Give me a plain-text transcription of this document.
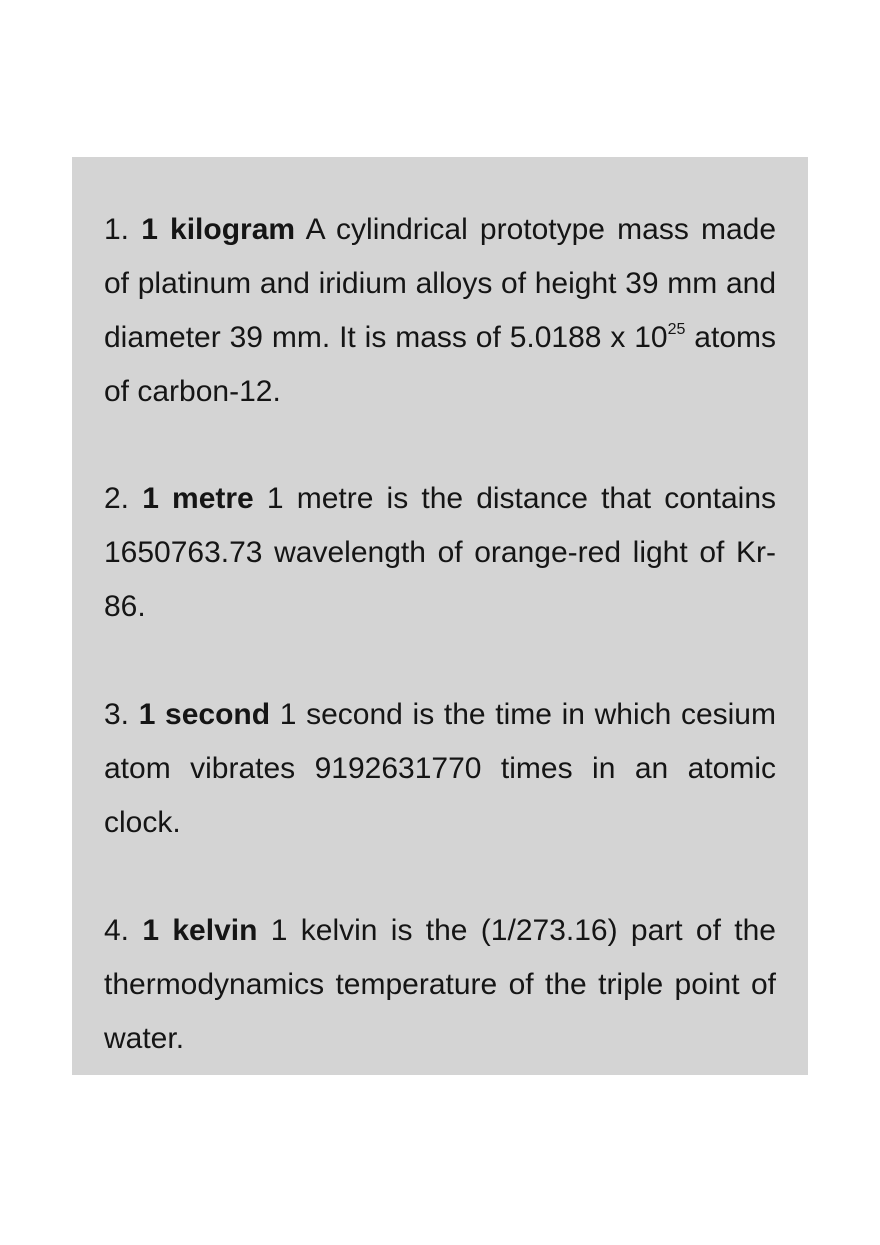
1. 1 kilogram A cylindrical prototype mass made of platinum and iridium alloys of height 39 mm and diameter 39 mm. It is mass of 5.0188 x $10^{25}$ atoms of carbon-12.

2. 1 metre 1 metre is the distance that contains 1650763.73 wavelength of orange-red light of Kr-86.

3. 1 second 1 second is the time in which cesium atom vibrates 9192631770 times in an atomic clock.

4. 1 kelvin 1 kelvin is the (1/273.16) part of the thermodynamics temperature of the triple point of water.
